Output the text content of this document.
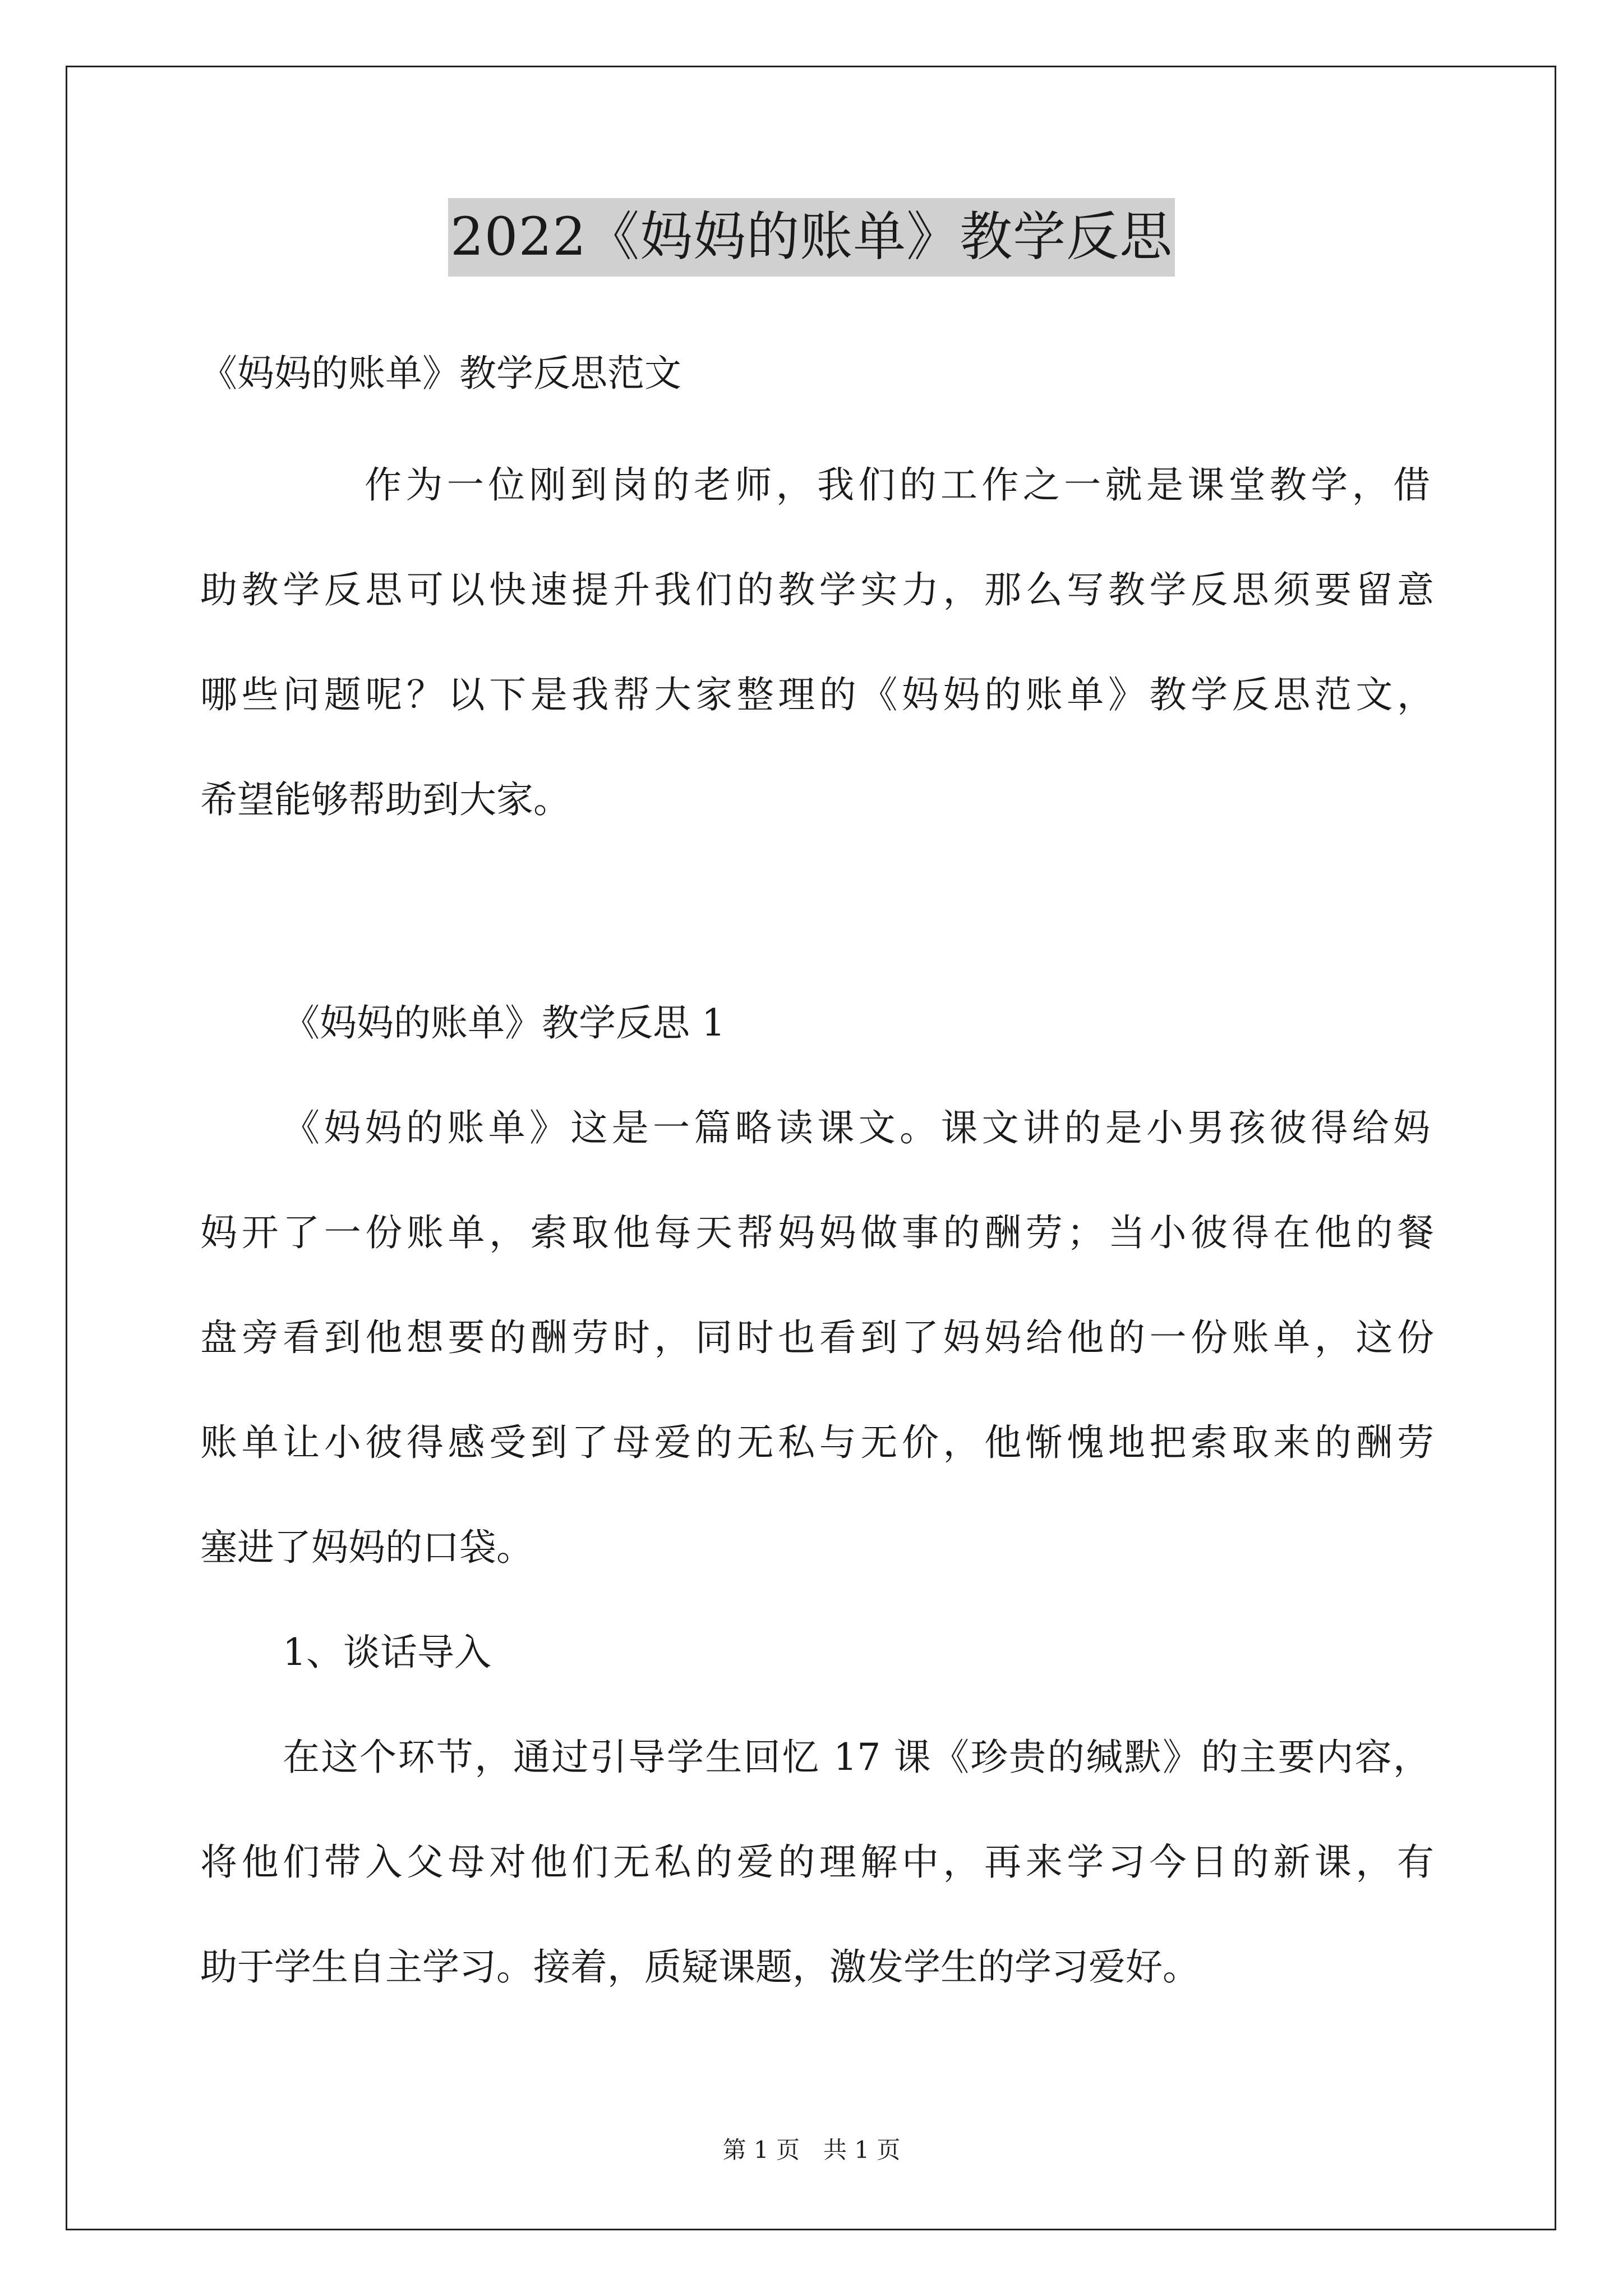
2022《妈妈的账单》教学反思
《妈妈的账单》教学反思范文
作为一位刚到岗的老师，我们的工作之一就是课堂教学，借
助教学反思可以快速提升我们的教学实力，那么写教学反思须要留意
哪些问题呢？以下是我帮大家整理的《妈妈的账单》教学反思范文，
希望能够帮助到大家。
《妈妈的账单》教学反思 1
《妈妈的账单》这是一篇略读课文。课文讲的是小男孩彼得给妈
妈开了一份账单，索取他每天帮妈妈做事的酬劳；当小彼得在他的餐
盘旁看到他想要的酬劳时，同时也看到了妈妈给他的一份账单，这份
账单让小彼得感受到了母爱的无私与无价，他惭愧地把索取来的酬劳
塞进了妈妈的口袋。
1、谈话导入
在这个环节，通过引导学生回忆 17 课《珍贵的缄默》的主要内容，
将他们带入父母对他们无私的爱的理解中，再来学习今日的新课，有
助于学生自主学习。接着，质疑课题，激发学生的学习爱好。
第 1 页　共 1 页
